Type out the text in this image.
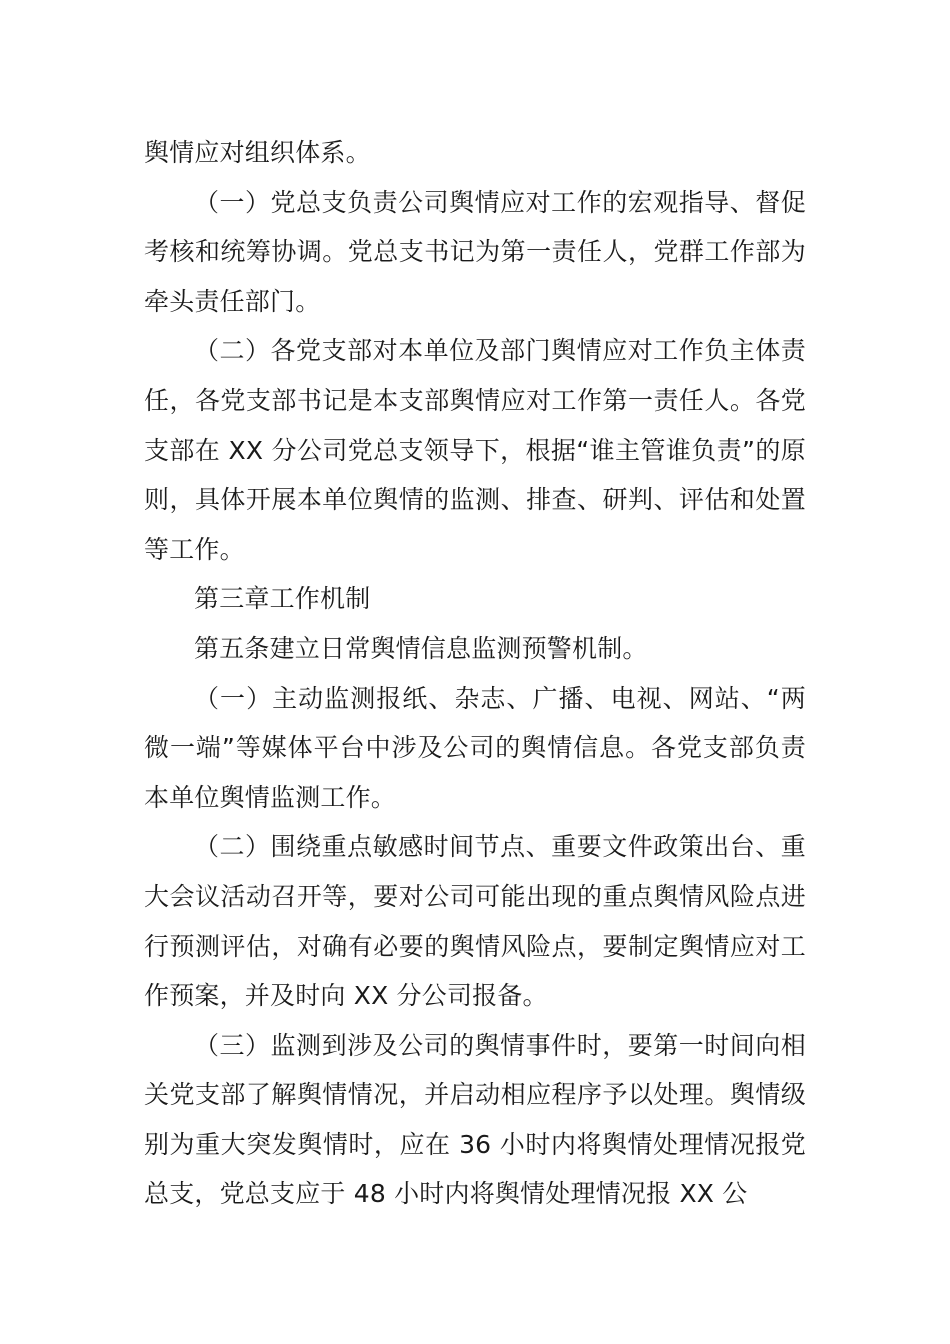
舆情应对组织体系。

（一）党总支负责公司舆情应对工作的宏观指导、督促考核和统筹协调。党总支书记为第一责任人，党群工作部为牵头责任部门。

（二）各党支部对本单位及部门舆情应对工作负主体责任，各党支部书记是本支部舆情应对工作第一责任人。各党支部在 XX 分公司党总支领导下，根据“谁主管谁负责”的原则，具体开展本单位舆情的监测、排查、研判、评估和处置等工作。

第三章工作机制

第五条建立日常舆情信息监测预警机制。

（一）主动监测报纸、杂志、广播、电视、网站、“两微一端”等媒体平台中涉及公司的舆情信息。各党支部负责本单位舆情监测工作。

（二）围绕重点敏感时间节点、重要文件政策出台、重大会议活动召开等，要对公司可能出现的重点舆情风险点进行预测评估，对确有必要的舆情风险点，要制定舆情应对工作预案，并及时向 XX 分公司报备。

（三）监测到涉及公司的舆情事件时，要第一时间向相关党支部了解舆情情况，并启动相应程序予以处理。舆情级别为重大突发舆情时，应在 36 小时内将舆情处理情况报党总支，党总支应于 48 小时内将舆情处理情况报 XX 公
